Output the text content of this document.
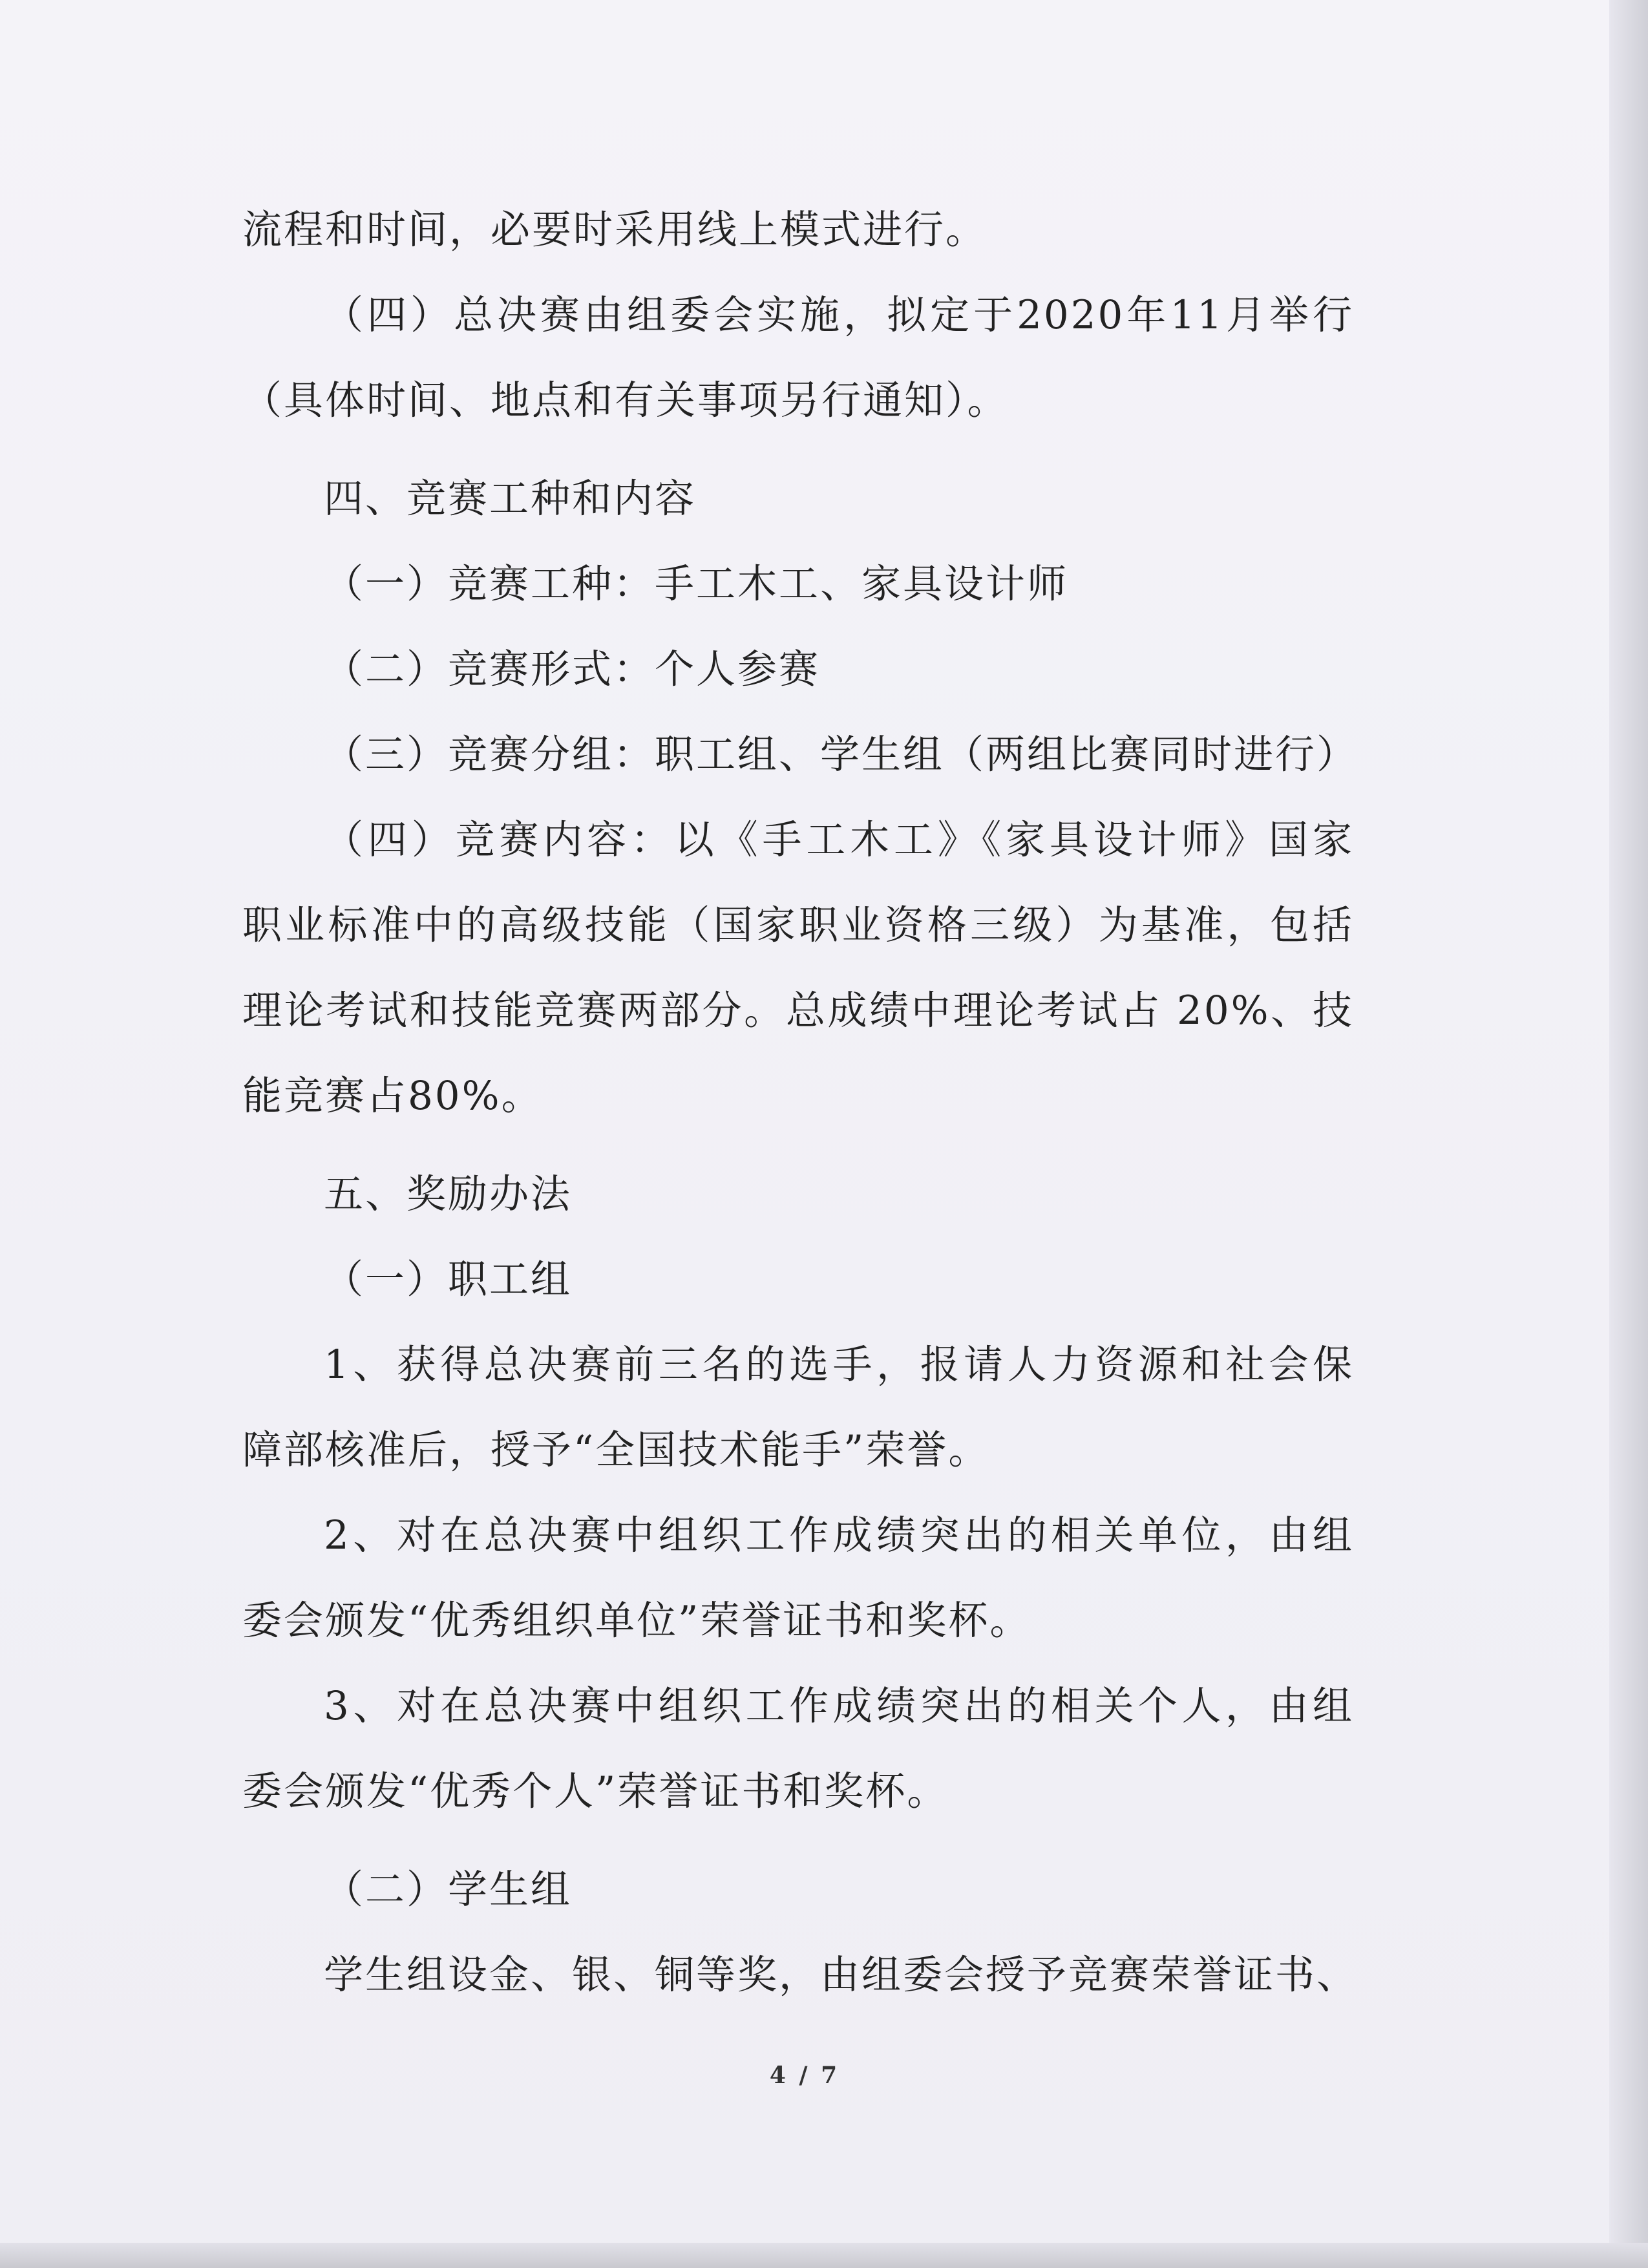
流程和时间，必要时采用线上模式进行。
（四）总决赛由组委会实施，拟定于2020年11月举行
（具体时间、地点和有关事项另行通知）。
四、竞赛工种和内容
（一）竞赛工种：手工木工、家具设计师
（二）竞赛形式：个人参赛
（三）竞赛分组：职工组、学生组（两组比赛同时进行）
（四）竞赛内容：以《手工木工》《家具设计师》国家
职业标准中的高级技能（国家职业资格三级）为基准，包括
理论考试和技能竞赛两部分。总成绩中理论考试占 20%、技
能竞赛占80%。
五、奖励办法
（一）职工组
1、获得总决赛前三名的选手，报请人力资源和社会保
障部核准后，授予“全国技术能手”荣誉。
2、对在总决赛中组织工作成绩突出的相关单位，由组
委会颁发“优秀组织单位”荣誉证书和奖杯。
3、对在总决赛中组织工作成绩突出的相关个人，由组
委会颁发“优秀个人”荣誉证书和奖杯。
（二）学生组
学生组设金、银、铜等奖，由组委会授予竞赛荣誉证书、
4 / 7
